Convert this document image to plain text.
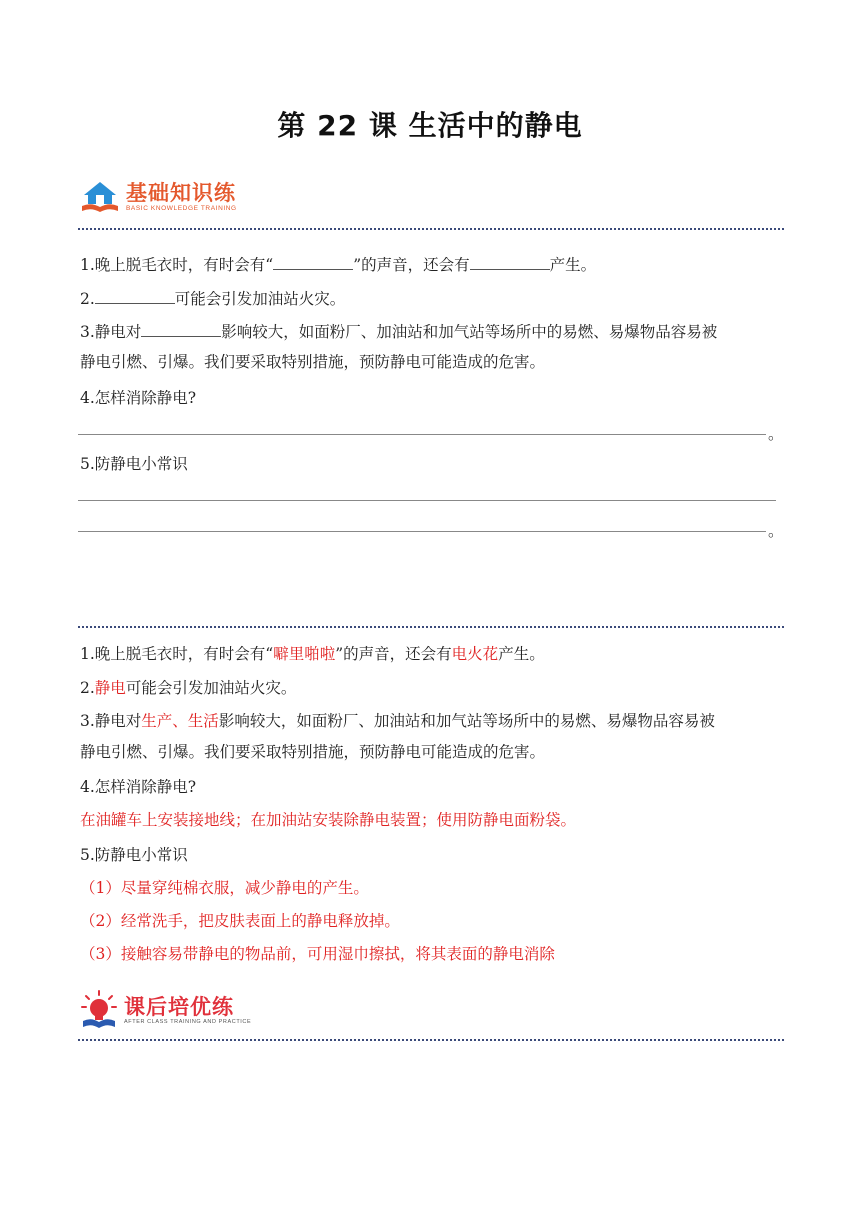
第 22 课 生活中的静电
基础知识练
BASIC KNOWLEDGE TRAINING
1.晚上脱毛衣时，有时会有“	”的声音，还会有	产生。
2.	可能会引发加油站火灾。
3.静电对	影响较大，如面粉厂、加油站和加气站等场所中的易燃、易爆物品容易被
静电引燃、引爆。我们要采取特别措施，预防静电可能造成的危害。
4.怎样消除静电?
。
5.防静电小常识
。
1.晚上脱毛衣时，有时会有“噼里啪啦”的声音，还会有电火花产生。
2.静电可能会引发加油站火灾。
3.静电对生产、生活影响较大，如面粉厂、加油站和加气站等场所中的易燃、易爆物品容易被
静电引燃、引爆。我们要采取特别措施，预防静电可能造成的危害。
4.怎样消除静电?
在油罐车上安装接地线；在加油站安装除静电装置；使用防静电面粉袋。
5.防静电小常识
（1）尽量穿纯棉衣服，减少静电的产生。
（2）经常洗手，把皮肤表面上的静电释放掉。
（3）接触容易带静电的物品前，可用湿巾擦拭，将其表面的静电消除
课后培优练
AFTER CLASS TRAINING AND PRACTICE
